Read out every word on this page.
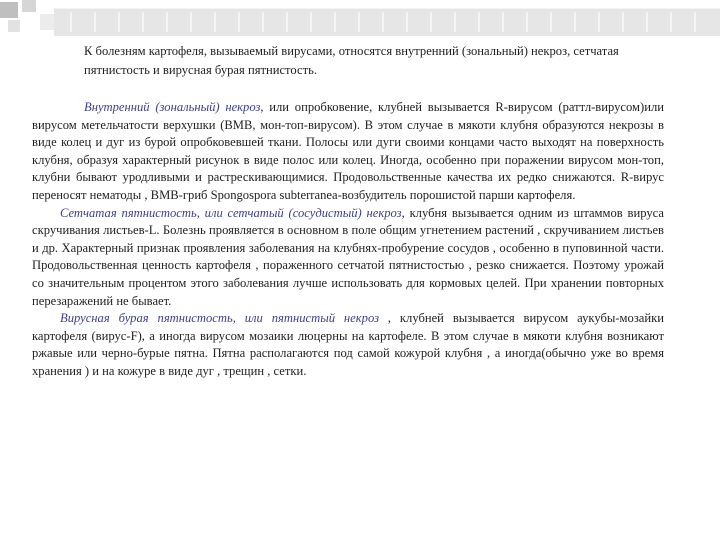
К болезням картофеля, вызываемый вирусами, относятся внутренний (зональный) некроз, сетчатая пятнистость и вирусная бурая пятнистость.

Внутренний (зональный) некроз, или опробковение, клубней вызывается R-вирусом (раттл-вирусом)или вирусом метельчатости верхушки (ВМВ, мон-топ-вирусом). В этом случае в мякоти клубня образуются некрозы в виде колец и дуг из бурой опробковевшей ткани. Полосы или дуги своими концами часто выходят на поверхность клубня, образуя характерный рисунок в виде полос или колец. Иногда, особенно при поражении вирусом мон-топ, клубни бывают уродливыми и растрескивающимися. Продовольственные качества их редко снижаются. R-вирус переносят нематоды , ВМВ-гриб Spongospora subterranea-возбудитель порошистой парши картофеля.

Сетчатая пятнистость, или сетчатый (сосудистый) некроз, клубня вызывается одним из штаммов вируса скручивания листьев-L. Болезнь проявляется в основном в поле общим угнетением растений , скручиванием листьев и др. Характерный признак проявления заболевания на клубнях-пробурение сосудов , особенно в пуповинной части. Продовольственная ценность картофеля , пораженного сетчатой пятнистостью , резко снижается. Поэтому урожай со значительным процентом этого заболевания лучше использовать для кормовых целей. При хранении повторных перезаражений не бывает.

Вирусная бурая пятнистость, или пятнистый некроз , клубней вызывается вирусом аукубы-мозайки картофеля (вирус-F), а иногда вирусом мозаики люцерны на картофеле. В этом случае в мякоти клубня возникают ржавые или черно-бурые пятна. Пятна располагаются под самой кожурой клубня , а иногда(обычно уже во время хранения ) и на кожуре в виде дуг , трещин , сетки.
